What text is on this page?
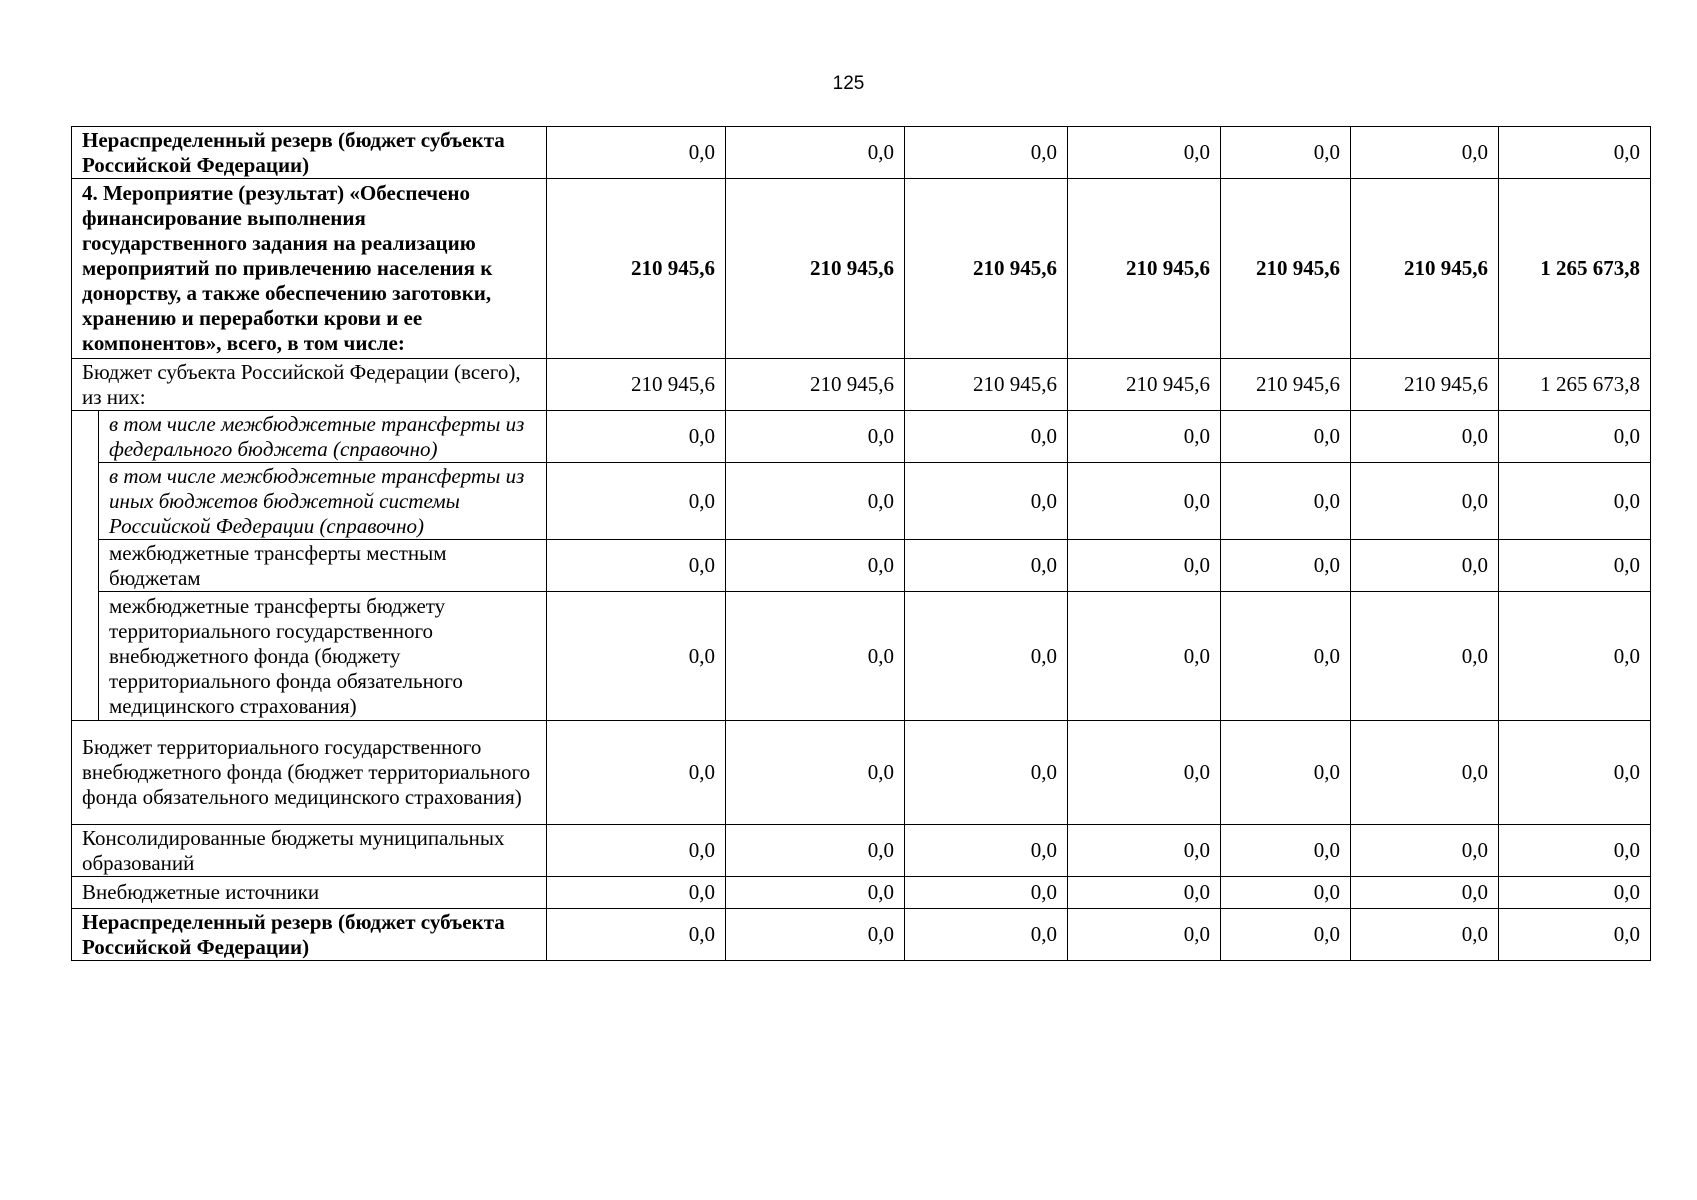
125
Нераспределенный резерв (бюджет субъекта Российской Федерации)		0,0	0,0	0,0	0,0	0,0	0,0	0,0
4. Мероприятие (результат) «Обеспечено финансирование выполнения государственного задания на реализацию мероприятий по привлечению населения к донорству, а также обеспечению заготовки, хранению и переработки крови и ее компонентов», всего, в том числе:		210 945,6	210 945,6	210 945,6	210 945,6	210 945,6	210 945,6	1 265 673,8
Бюджет субъекта Российской Федерации (всего), из них:		210 945,6	210 945,6	210 945,6	210 945,6	210 945,6	210 945,6	1 265 673,8
	в том числе межбюджетные трансферты из федерального бюджета (справочно)	0,0	0,0	0,0	0,0	0,0	0,0	0,0
	в том числе межбюджетные трансферты из иных бюджетов бюджетной системы Российской Федерации (справочно)	0,0	0,0	0,0	0,0	0,0	0,0	0,0
	межбюджетные трансферты местным бюджетам	0,0	0,0	0,0	0,0	0,0	0,0	0,0
	межбюджетные трансферты бюджету территориального государственного внебюджетного фонда (бюджету территориального фонда обязательного медицинского страхования)	0,0	0,0	0,0	0,0	0,0	0,0	0,0
Бюджет территориального государственного внебюджетного фонда (бюджет территориального фонда обязательного медицинского страхования)		0,0	0,0	0,0	0,0	0,0	0,0	0,0
Консолидированные бюджеты муниципальных образований		0,0	0,0	0,0	0,0	0,0	0,0	0,0
Внебюджетные источники		0,0	0,0	0,0	0,0	0,0	0,0	0,0
Нераспределенный резерв (бюджет субъекта Российской Федерации)		0,0	0,0	0,0	0,0	0,0	0,0	0,0
